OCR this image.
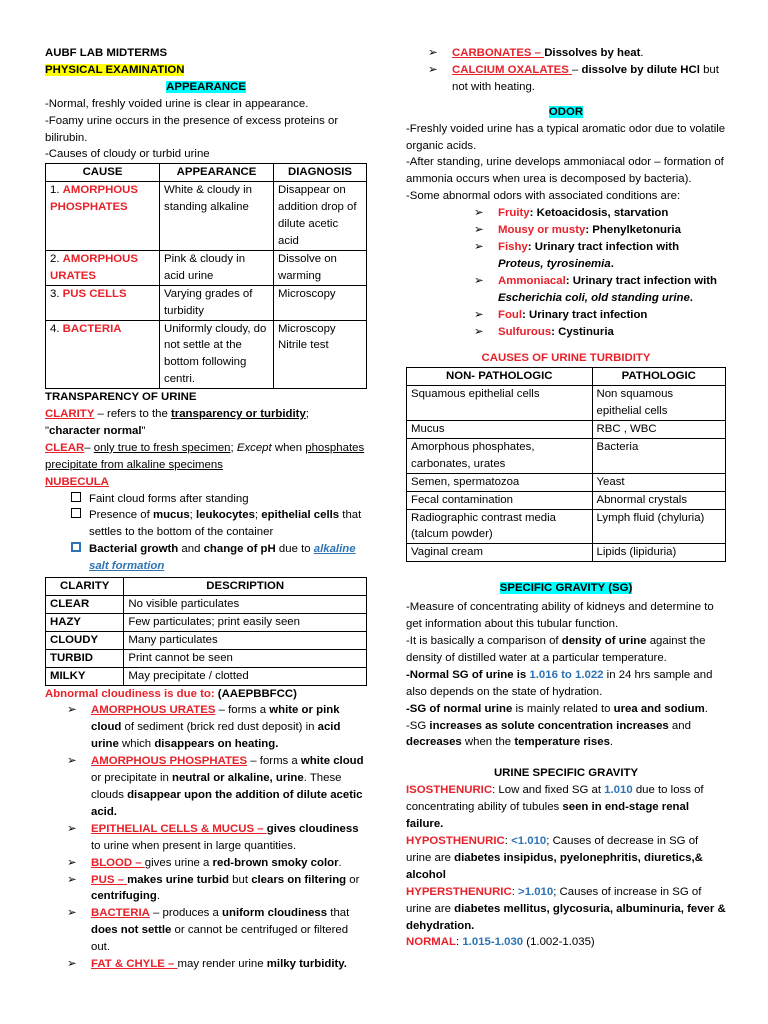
AUBF LAB MIDTERMS

PHYSICAL EXAMINATION

APPEARANCE

-Normal, freshly voided urine is clear in appearance.

-Foamy urine occurs in the presence of excess proteins or bilirubin.

-Causes of cloudy or turbid urine

CAUSE	APPEARANCE	DIAGNOSIS
1. AMORPHOUS PHOSPHATES	White & cloudy in standing alkaline	Disappear on addition drop of dilute acetic acid
2. AMORPHOUS URATES	Pink & cloudy in acid urine	Dissolve on warming
3. PUS CELLS	Varying grades of turbidity	Microscopy
4. BACTERIA	Uniformly cloudy, do not settle at the bottom following centri.	Microscopy Nitrile test

TRANSPARENCY OF URINE

CLARITY – refers to the transparency or turbidity; "character normal"

CLEAR– only true to fresh specimen; Except when phosphates precipitate from alkaline specimens

NUBECULA

Faint cloud forms after standing
Presence of mucus; leukocytes; epithelial cells that settles to the bottom of the container
Bacterial growth and change of pH due to alkaline salt formation
CLARITY	DESCRIPTION
CLEAR	No visible particulates
HAZY	Few particulates; print easily seen
CLOUDY	Many particulates
TURBID	Print cannot be seen
MILKY	May precipitate / clotted

Abnormal cloudiness is due to: (AAEPBBFCC)

➢ AMORPHOUS URATES – forms a white or pink cloud of sediment (brick red dust deposit) in acid urine which disappears on heating.
➢ AMORPHOUS PHOSPHATES – forms a white cloud or precipitate in neutral or alkaline, urine. These clouds disappear upon the addition of dilute acetic acid.
➢ EPITHELIAL CELLS & MUCUS – gives cloudiness to urine when present in large quantities.
➢ BLOOD – gives urine a red-brown smoky color.
➢ PUS – makes urine turbid but clears on filtering or centrifuging.
➢ BACTERIA – produces a uniform cloudiness that does not settle or cannot be centrifuged or filtered out.
➢ FAT & CHYLE – may render urine milky turbidity.
➢ CARBONATES – Dissolves by heat.
➢ CALCIUM OXALATES – dissolve by dilute HCl but not with heating.

ODOR

-Freshly voided urine has a typical aromatic odor due to volatile organic acids.

-After standing, urine develops ammoniacal odor – formation of ammonia occurs when urea is decomposed by bacteria).

-Some abnormal odors with associated conditions are:

➢ Fruity: Ketoacidosis, starvation
➢ Mousy or musty: Phenylketonuria
➢ Fishy: Urinary tract infection with Proteus, tyrosinemia.
➢ Ammoniacal: Urinary tract infection with Escherichia coli, old standing urine.
➢ Foul: Urinary tract infection
➢ Sulfurous: Cystinuria

CAUSES OF URINE TURBIDITY

NON- PATHOLOGIC	PATHOLOGIC
Squamous epithelial cells	Non squamous epithelial cells
Mucus	RBC , WBC
Amorphous phosphates, carbonates, urates	Bacteria
Semen, spermatozoa	Yeast
Fecal contamination	Abnormal crystals
Radiographic contrast media (talcum powder)	Lymph fluid (chyluria)
Vaginal cream	Lipids (lipiduria)

SPECIFIC GRAVITY (SG)

-Measure of concentrating ability of kidneys and determine to get information about this tubular function.

-It is basically a comparison of density of urine against the density of distilled water at a particular temperature.

-Normal SG of urine is 1.016 to 1.022 in 24 hrs sample and also depends on the state of hydration.

-SG of normal urine is mainly related to urea and sodium.

-SG increases as solute concentration increases and decreases when the temperature rises.

URINE SPECIFIC GRAVITY

ISOSTHENURIC: Low and fixed SG at 1.010 due to loss of concentrating ability of tubules seen in end-stage renal failure.

HYPOSTHENURIC: <1.010; Causes of decrease in SG of urine are diabetes insipidus, pyelonephritis, diuretics,& alcohol

HYPERSTHENURIC: >1.010; Causes of increase in SG of urine are diabetes mellitus, glycosuria, albuminuria, fever & dehydration.

NORMAL: 1.015-1.030 (1.002-1.035)
